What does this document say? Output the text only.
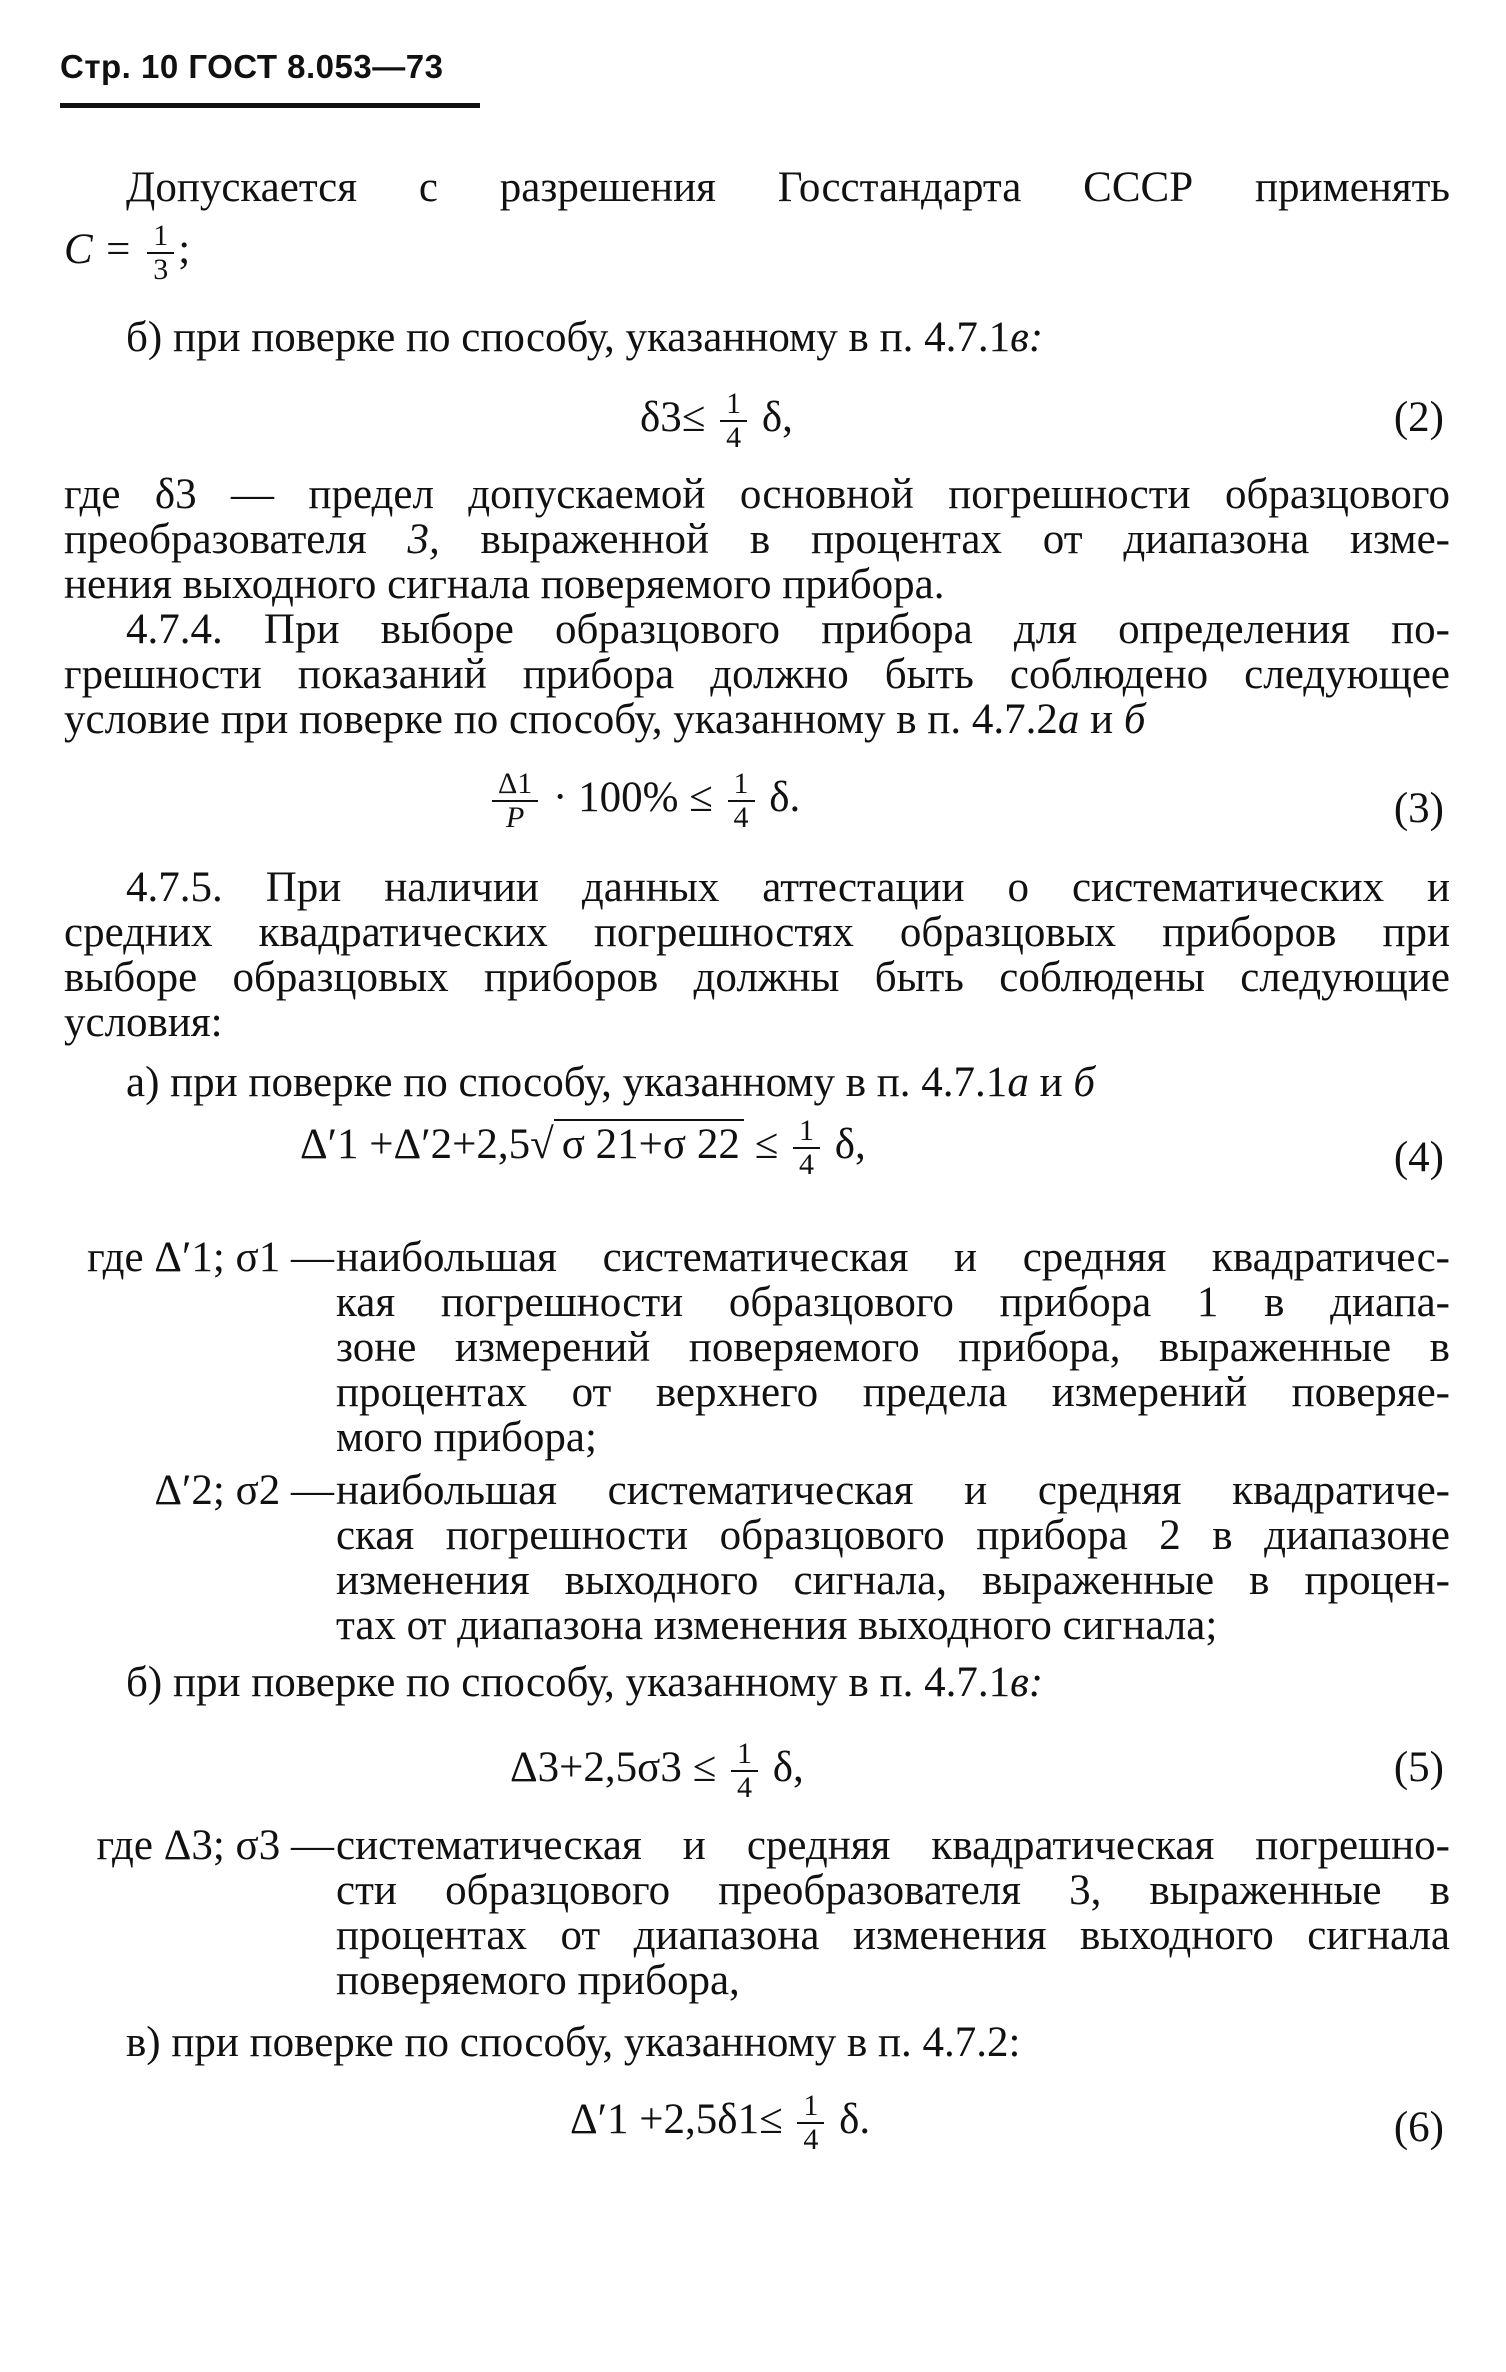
Стр. 10 ГОСТ 8.053—73
Допускается с разрешения Госстандарта СССР применять
$C = \frac{1}{3}$ ;
б) при поверке по способу, указанному в п. 4.7.1в:
$\delta 3\le \frac{1}{4} \delta$,	(2)
где δ3 — предел допускаемой основной погрешности образцового
преобразователя 3, выраженной в процентах от диапазона изме-
нения выходного сигнала поверяемого прибора.
4.7.4. При выборе образцового прибора для определения по-
грешности показаний прибора должно быть соблюдено следующее
условие при поверке по способу, указанному в п. 4.7.2а и б
$\frac{\Delta 1}{P} \cdot 100\% \le \frac{1}{4} \delta$.	(3)
4.7.5. При наличии данных аттестации о систематических и
средних квадратических погрешностях образцовых приборов при
выборе образцовых приборов должны быть соблюдены следующие
условия:
а) при поверке по способу, указанному в п. 4.7.1а и б
Δ′1 +Δ′2+2,5√ σ 21+σ $22 \le \frac{1}{4} \delta$,	(4)
где Δ′1; σ1 — наибольшая систематическая и средняя квадратичес-
кая погрешности образцового прибора 1 в диапа-
зоне измерений поверяемого прибора, выраженные в
процентах от верхнего предела измерений поверяе-
мого прибора;
Δ′2; σ2 — наибольшая систематическая и средняя квадратиче-
ская погрешности образцового прибора 2 в диапазоне
изменения выходного сигнала, выраженные в процен-
тах от диапазона изменения выходного сигнала;
б) при поверке по способу, указанному в п. 4.7.1в:
$\Delta 3+2,5\sigma 3 \le \frac{1}{4} \delta$,	(5)
где Δ3; σ3 — систематическая и средняя квадратическая погрешно-
сти образцового преобразователя 3, выраженные в
процентах от диапазона изменения выходного сигнала
поверяемого прибора,
в) при поверке по способу, указанному в п. 4.7.2:
$\Delta'1 +2,5\delta 1\le \frac{1}{4} \delta$.	(6)
